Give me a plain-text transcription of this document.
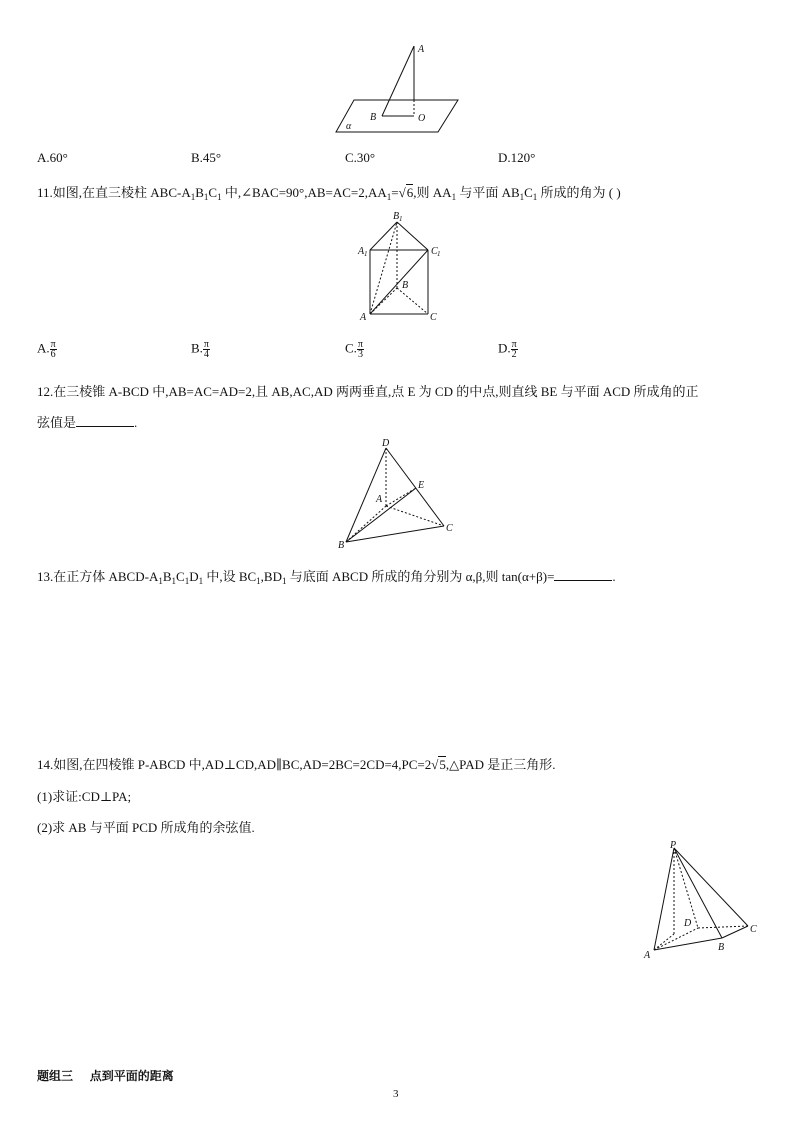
A
B	O
α
A.60°	B.45°	C.30°	D.120°
11.如图,在直三棱柱 ABC-$A_1B_1C_1$ 中$,\angle BAC=90^\circ,AB=AC=2,AA_1=√6$,则 $AA_1$ 与平面 $AB_1C_1$ 所成的角为 ( )
A 1
B 1
C 1
B
A	C
A. $\frac{\pi}{6}$	B. $\frac{\pi}{4}$	C. $\frac{\pi}{3}$	D. $\frac{\pi}{2}$
12.在三棱锥 A-BCD 中,AB=AC=AD=2,且 AB,AC,AD 两两垂直,点 E 为 CD 的中点,则直线 BE 与平面 ACD 所成角的正
弦值是	.
D
E
A
C
B
13.在正方体 ABCD-$A_1B_1C_1D_1$ 中,设 $BC_1,BD_1$ 与底面 ABCD 所成的角分别为 α,β,则 tan(α+β)=	.
14.如图,在四棱锥 P-ABCD 中,AD⊥CD,AD∥BC,AD=2BC=2CD=4,PC=2√5,△PAD 是正三角形.
(1)求证:CD⊥PA;
(2)求 AB 与平面 PCD 所成角的余弦值.
P
D
C
B
A
题组三    点到平面的距离
3
